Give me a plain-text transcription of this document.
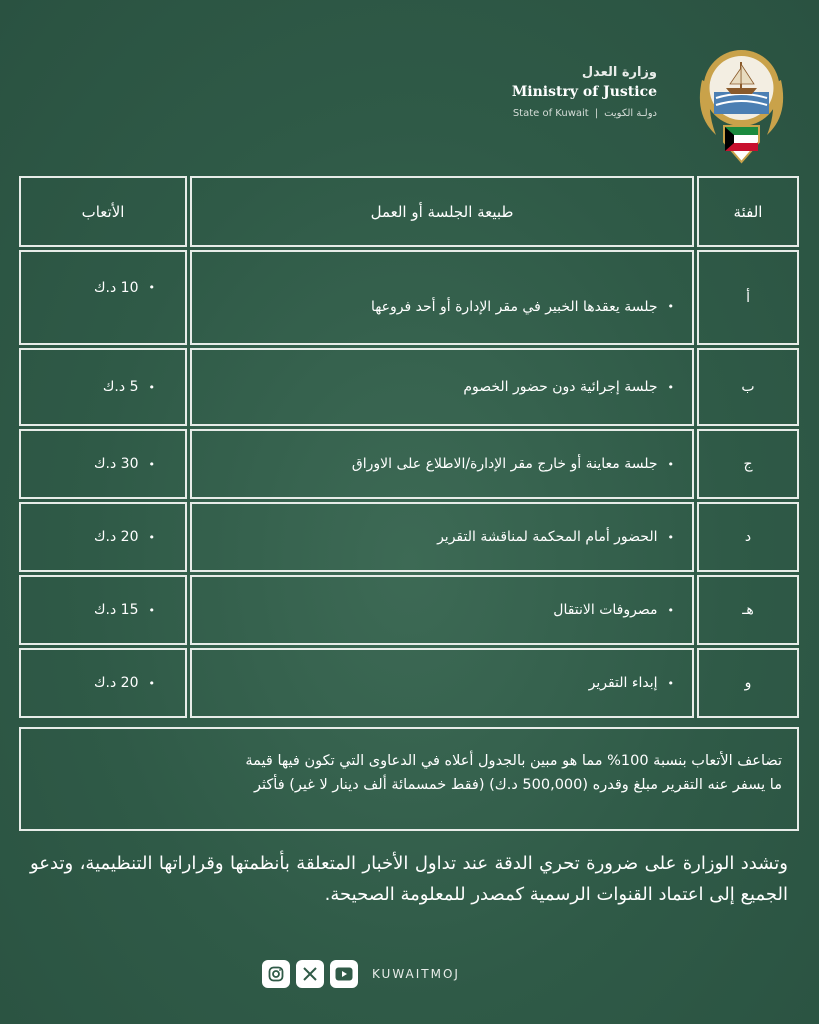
وزارة العدل
Ministry of Justice
State of Kuwait | دولـة الكويت
الفئة
طبيعة الجلسة أو العمل
الأتعاب
أ
•
جلسة يعقدها الخبير في مقر الإدارة أو أحد فروعها
•
10 د.ك
ب
•
جلسة إجرائية دون حضور الخصوم
•
5 د.ك
ج
•
جلسة معاينة أو خارج مقر الإدارة/الاطلاع على الاوراق
•
30 د.ك
د
•
الحضور أمام المحكمة لمناقشة التقرير
•
20 د.ك
هـ
•
مصروفات الانتقال
•
15 د.ك
و
•
إبداء التقرير
•
20 د.ك
تضاعف الأتعاب بنسبة 100% مما هو مبين بالجدول أعلاه في الدعاوى التي تكون فيها قيمة
ما يسفر عنه التقرير مبلغ وقدره (500,000 د.ك) (فقط خمسمائة ألف دينار لا غير) فأكثر
وتشدد الوزارة على ضرورة تحري الدقة عند تداول الأخبار المتعلقة بأنظمتها وقراراتها التنظيمية، وتدعو الجميع إلى اعتماد القنوات الرسمية كمصدر للمعلومة الصحيحة.
KUWAITMOJ
